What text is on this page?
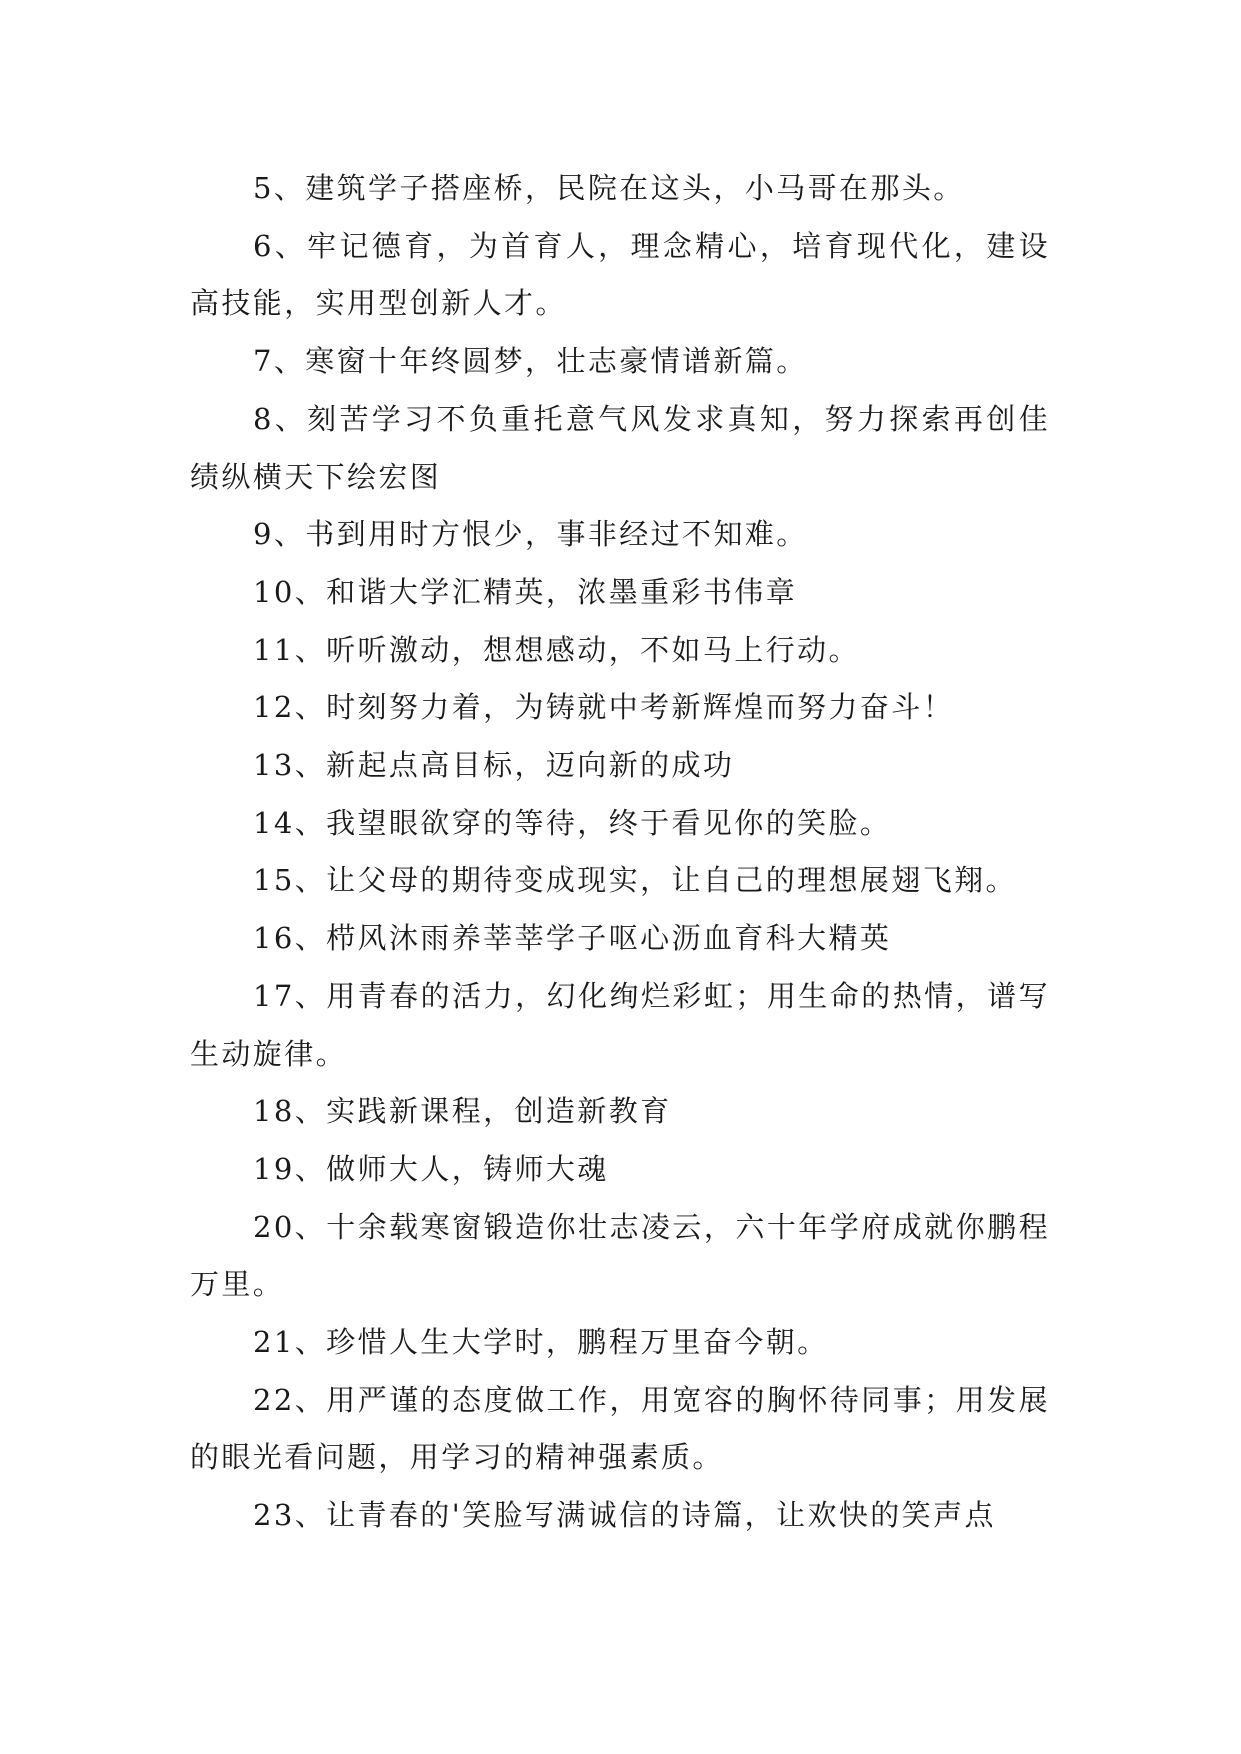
5、建筑学子搭座桥，民院在这头，小马哥在那头。

6、牢记德育，为首育人，理念精心，培育现代化，建设高技能，实用型创新人才。

7、寒窗十年终圆梦，壮志豪情谱新篇。

8、刻苦学习不负重托意气风发求真知，努力探索再创佳绩纵横天下绘宏图

9、书到用时方恨少，事非经过不知难。

10、和谐大学汇精英，浓墨重彩书伟章

11、听听激动，想想感动，不如马上行动。

12、时刻努力着，为铸就中考新辉煌而努力奋斗！

13、新起点高目标，迈向新的成功

14、我望眼欲穿的等待，终于看见你的笑脸。

15、让父母的期待变成现实，让自己的理想展翅飞翔。

16、栉风沐雨养莘莘学子呕心沥血育科大精英

17、用青春的活力，幻化绚烂彩虹；用生命的热情，谱写生动旋律。

18、实践新课程，创造新教育

19、做师大人，铸师大魂

20、十余载寒窗锻造你壮志凌云，六十年学府成就你鹏程万里。

21、珍惜人生大学时，鹏程万里奋今朝。

22、用严谨的态度做工作，用宽容的胸怀待同事；用发展的眼光看问题，用学习的精神强素质。

23、让青春的'笑脸写满诚信的诗篇，让欢快的笑声点
